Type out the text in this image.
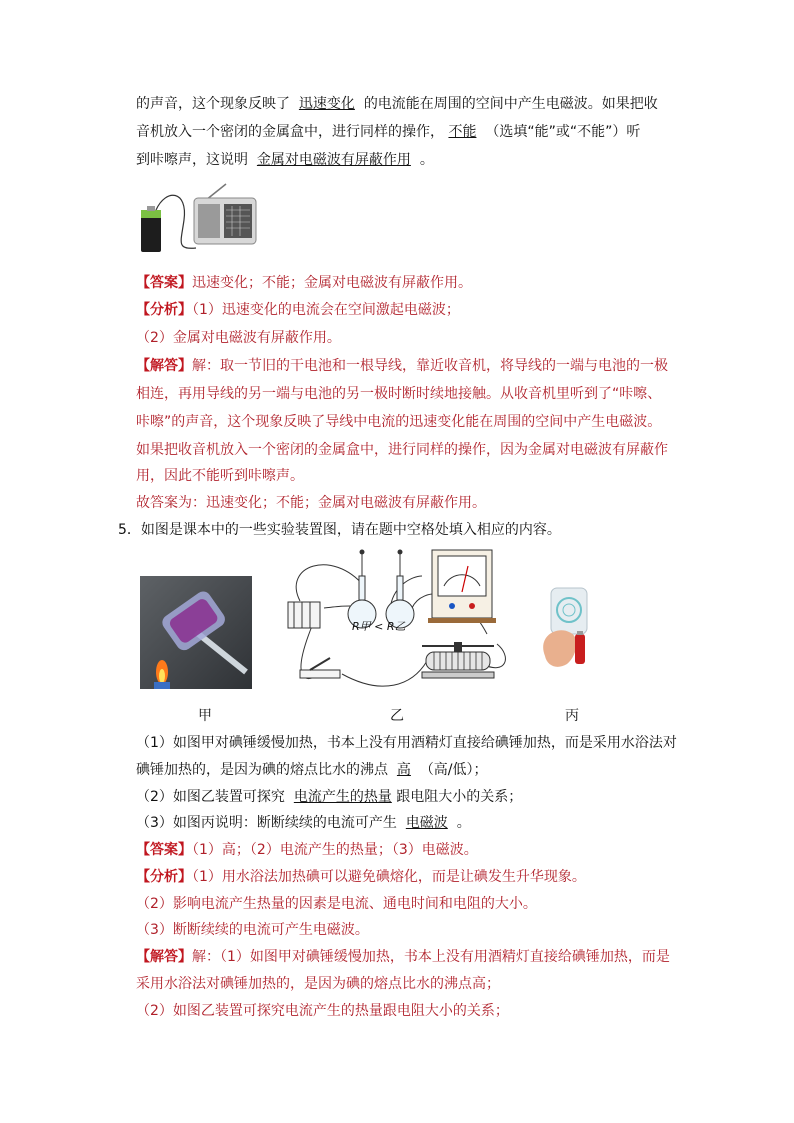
的声音，这个现象反映了 迅速变化 的电流能在周围的空间中产生电磁波。如果把收
音机放入一个密闭的金属盒中，进行同样的操作， 不能 （选填“能”或“不能”）听
到咔嚓声，这说明 金属对电磁波有屏蔽作用 。
【答案】迅速变化；不能；金属对电磁波有屏蔽作用。
【分析】（1）迅速变化的电流会在空间激起电磁波；
（2）金属对电磁波有屏蔽作用。
【解答】解：取一节旧的干电池和一根导线，靠近收音机，将导线的一端与电池的一极
相连，再用导线的另一端与电池的另一极时断时续地接触。从收音机里听到了“咔嚓、
咔嚓”的声音，这个现象反映了导线中电流的迅速变化能在周围的空间中产生电磁波。
如果把收音机放入一个密闭的金属盒中，进行同样的操作，因为金属对电磁波有屏蔽作
用，因此不能听到咔嚓声。
故答案为：迅速变化；不能；金属对电磁波有屏蔽作用。
5．如图是课本中的一些实验装置图，请在题中空格处填入相应的内容。
R甲 < R乙
甲	乙	丙
（1）如图甲对碘锤缓慢加热，书本上没有用酒精灯直接给碘锤加热，而是采用水浴法对
碘锤加热的，是因为碘的熔点比水的沸点 高 （高/低）；
（2）如图乙装置可探究 电流产生的热量 跟电阻大小的关系；
（3）如图丙说明：断断续续的电流可产生 电磁波 。
【答案】（1）高；（2）电流产生的热量；（3）电磁波。
【分析】（1）用水浴法加热碘可以避免碘熔化，而是让碘发生升华现象。
（2）影响电流产生热量的因素是电流、通电时间和电阻的大小。
（3）断断续续的电流可产生电磁波。
【解答】解：（1）如图甲对碘锤缓慢加热，书本上没有用酒精灯直接给碘锤加热，而是
采用水浴法对碘锤加热的，是因为碘的熔点比水的沸点高；
（2）如图乙装置可探究电流产生的热量跟电阻大小的关系；
